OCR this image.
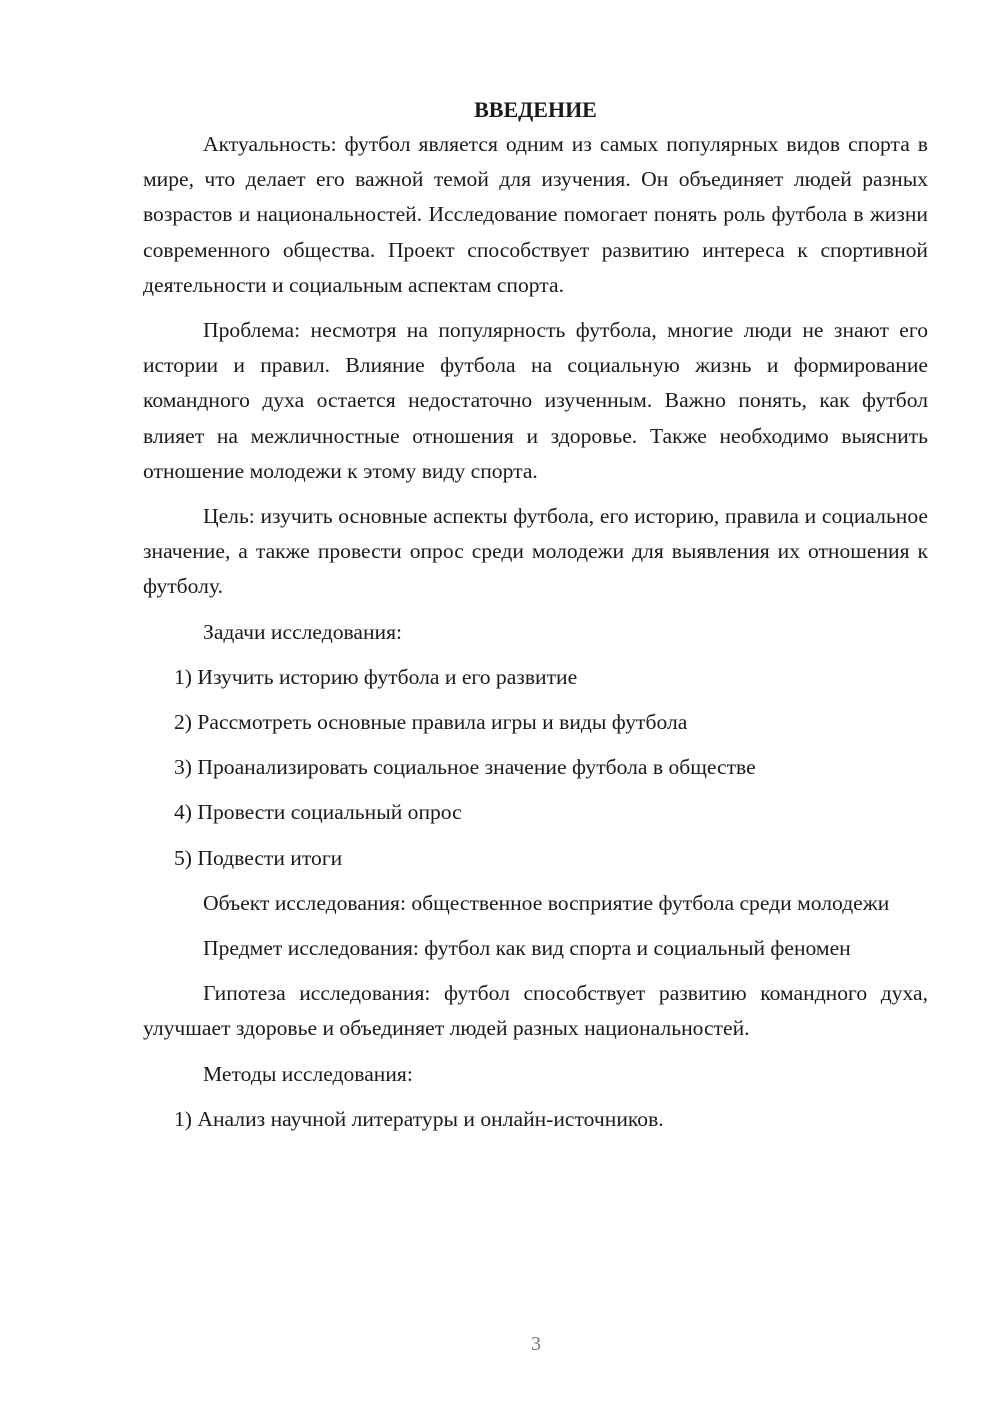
ВВЕДЕНИЕ

Актуальность: футбол является одним из самых популярных видов спорта в мире, что делает его важной темой для изучения. Он объединяет людей разных возрастов и национальностей. Исследование помогает понять роль футбола в жизни современного общества. Проект способствует развитию интереса к спортивной деятельности и социальным аспектам спорта.

Проблема: несмотря на популярность футбола, многие люди не знают его истории и правил. Влияние футбола на социальную жизнь и формирование командного духа остается недостаточно изученным. Важно понять, как футбол влияет на межличностные отношения и здоровье. Также необходимо выяснить отношение молодежи к этому виду спорта.

Цель: изучить основные аспекты футбола, его историю, правила и социальное значение, а также провести опрос среди молодежи для выявления их отношения к футболу.

Задачи исследования:

1) Изучить историю футбола и его развитие
2) Рассмотреть основные правила игры и виды футбола
3) Проанализировать социальное значение футбола в обществе
4) Провести социальный опрос
5) Подвести итоги

Объект исследования: общественное восприятие футбола среди молодежи

Предмет исследования: футбол как вид спорта и социальный феномен

Гипотеза исследования: футбол способствует развитию командного духа, улучшает здоровье и объединяет людей разных национальностей.

Методы исследования:

1) Анализ научной литературы и онлайн-источников.
3
